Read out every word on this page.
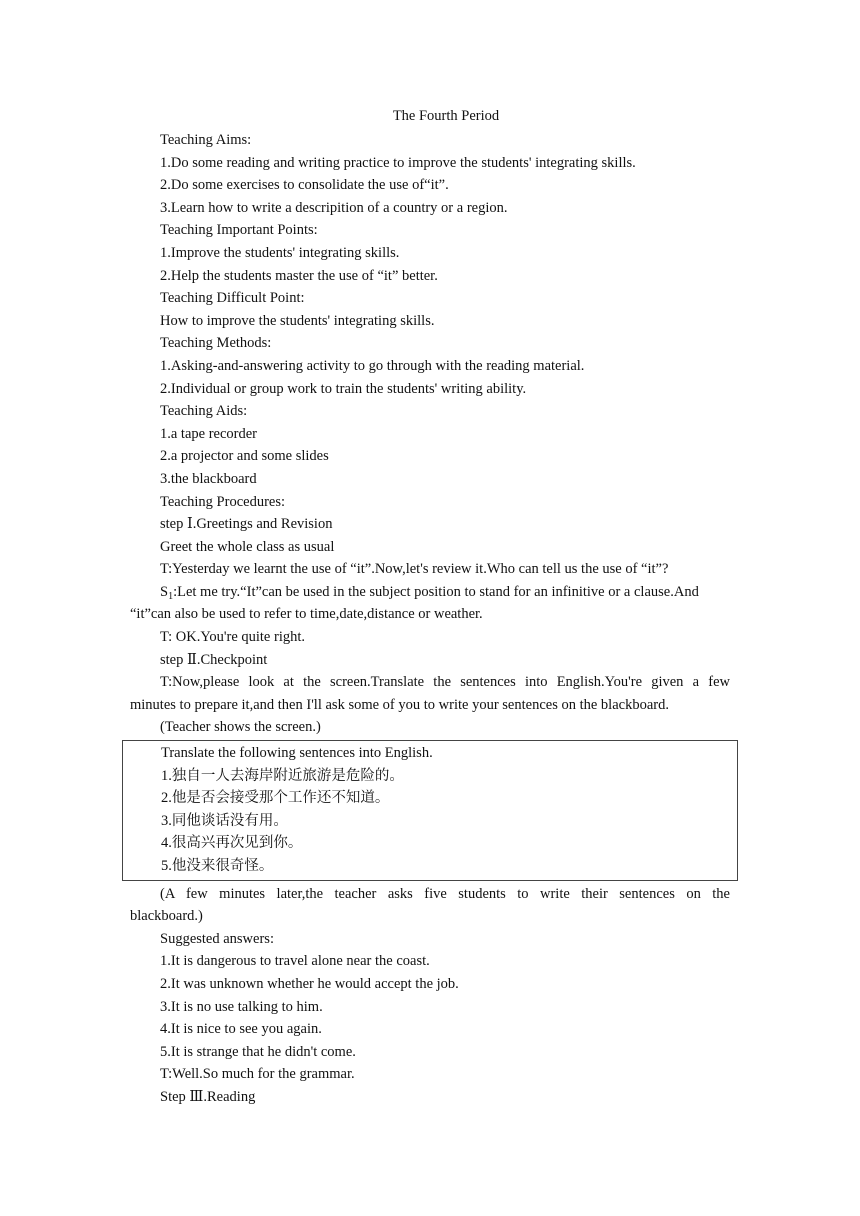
The Fourth Period
Teaching Aims:
1.Do some reading and writing practice to improve the students' integrating skills.
2.Do some exercises to consolidate the use of“it”.
3.Learn how to write a descripition of a country or a region.
Teaching Important Points:
1.Improve the students' integrating skills.
2.Help the students master the use of “it” better.
Teaching Difficult Point:
How to improve the students' integrating skills.
Teaching Methods:
1.Asking-and-answering activity to go through with the reading material.
2.Individual or group work to train the students' writing ability.
Teaching Aids:
1.a tape recorder
2.a projector and some slides
3.the blackboard
Teaching Procedures:
step Ⅰ.Greetings and Revision
Greet the whole class as usual
T:Yesterday we learnt the use of “it”.Now,let's review it.Who can tell us the use of “it”?
$S_1:Let$ me try.“It”can be used in the subject position to stand for an infinitive or a clause.And
“it”can also be used to refer to time,date,distance or weather.
T: OK.You're quite right.
step Ⅱ.Checkpoint
T:Now,please look at the screen.Translate the sentences into English.You're given a few
minutes to prepare it,and then I'll ask some of you to write your sentences on the blackboard.
(Teacher shows the screen.)
Translate the following sentences into English.
1.独自一人去海岸附近旅游是危险的。
2.他是否会接受那个工作还不知道。
3.同他谈话没有用。
4.很高兴再次见到你。
5.他没来很奇怪。
(A few minutes later,the teacher asks five students to write their sentences on the
blackboard.)
Suggested answers:
1.It is dangerous to travel alone near the coast.
2.It was unknown whether he would accept the job.
3.It is no use talking to him.
4.It is nice to see you again.
5.It is strange that he didn't come.
T:Well.So much for the grammar.
Step Ⅲ.Reading
